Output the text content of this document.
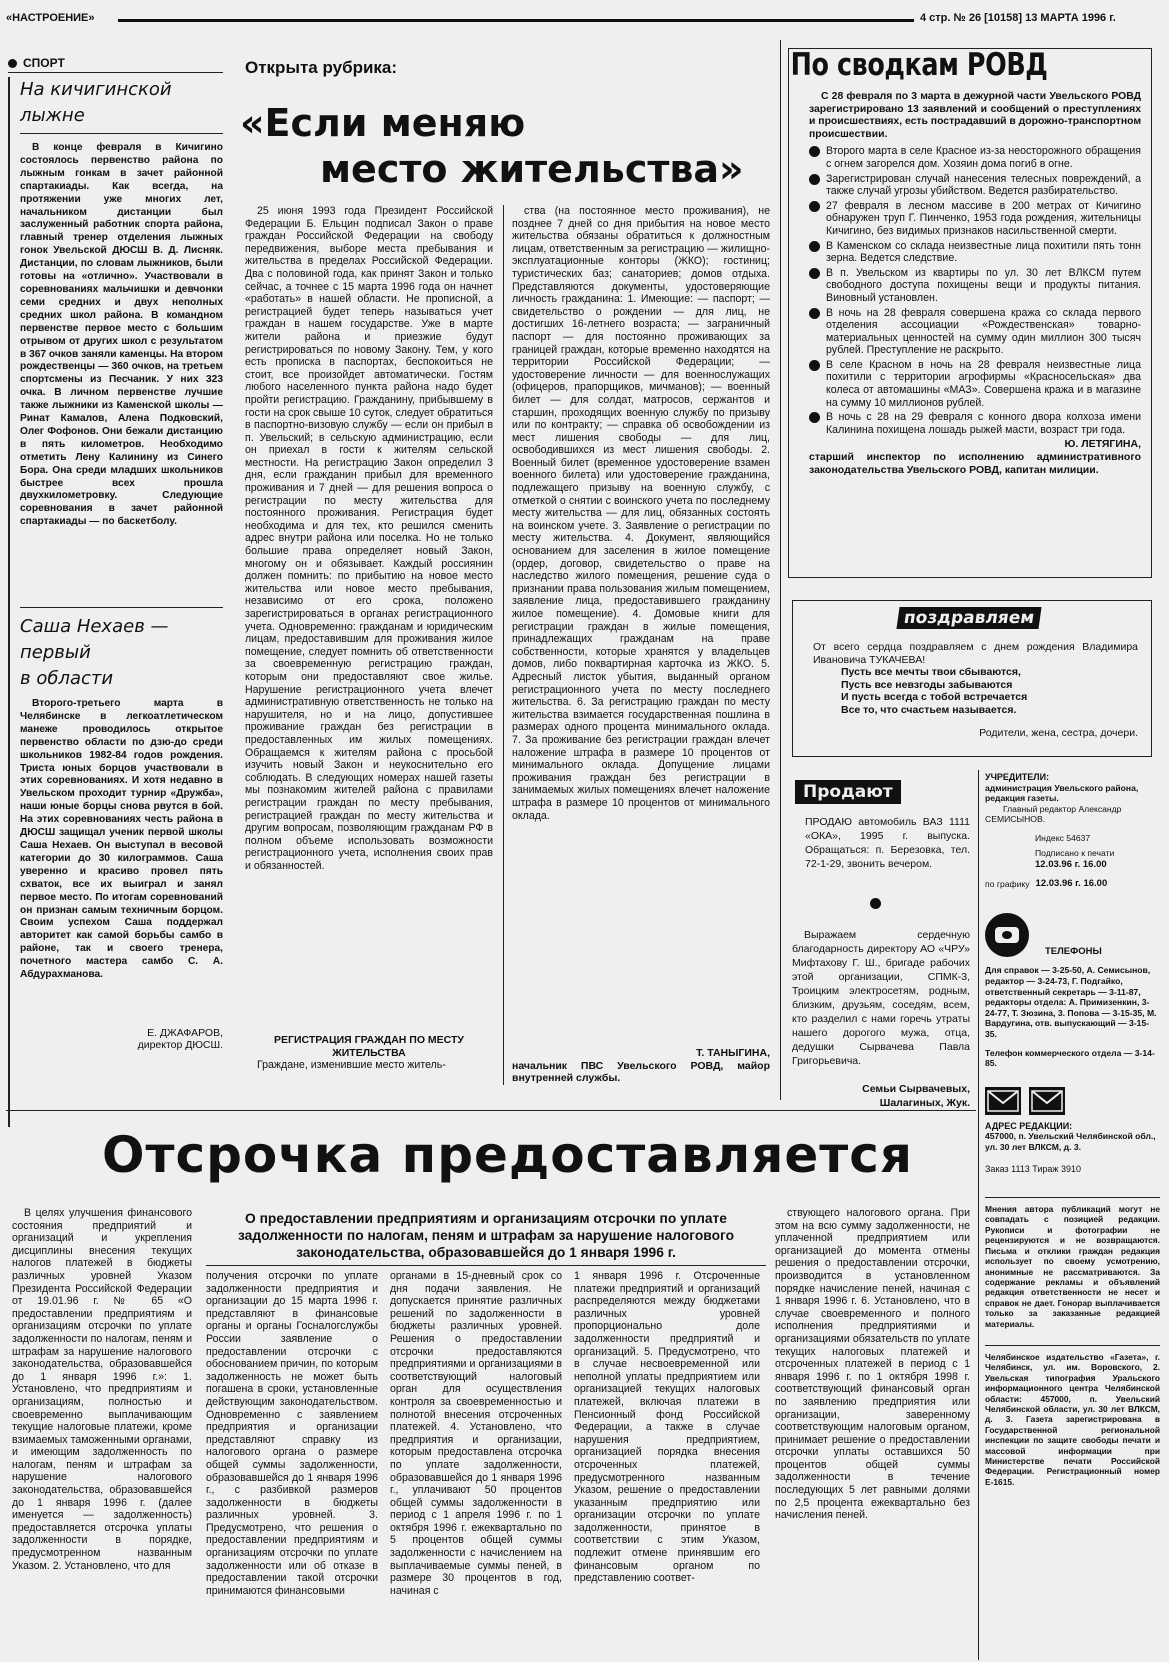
«НАСТРОЕНИЕ»	4 стр. № 26 [10158] 13 МАРТА 1996 г.
СПОРТ
На кичигинской
лыжне
В конце февраля в Кичигино состоялось первенство района по лыжным гонкам в зачет районной спартакиады. Как всегда, на протяжении уже многих лет, начальником дистанции был заслуженный работник спорта района, главный тренер отделения лыжных гонок Увельской ДЮСШ В. Д. Лисняк. Дистанции, по словам лыжников, были готовы на «отлично». Участвовали в соревнованиях мальчишки и девчонки семи средних и двух неполных средних школ района. В командном первенстве первое место с большим отрывом от других школ с результатом в 367 очков заняли каменцы. На втором рождественцы — 360 очков, на третьем спортсмены из Песчаник. У них 323 очка. В личном первенстве лучшие также лыжники из Каменской школы — Ринат Камалов, Алена Подковский, Олег Фофонов. Они бежали дистанцию в пять километров. Необходимо отметить Лену Калинину из Синего Бора. Она среди младших школьников быстрее всех прошла двухкилометровку. Следующие соревнования в зачет районной спартакиады — по баскетболу.
Саша Нехаев —
первый
в области
Второго-третьего марта в Челябинске в легкоатлетическом манеже проводилось открытое первенство области по дзю-до среди школьников 1982-84 годов рождения. Триста юных борцов участвовали в этих соревнованиях. И хотя недавно в Увельском проходит турнир «Дружба», наши юные борцы снова рвутся в бой. На этих соревнованиях честь района в ДЮСШ защищал ученик первой школы Саша Нехаев. Он выступал в весовой категории до 30 килограммов. Саша уверенно и красиво провел пять схваток, все их выиграл и занял первое место. По итогам соревнований он признан самым техничным борцом. Своим успехом Саша поддержал авторитет как самой борьбы самбо в районе, так и своего тренера, почетного мастера самбо С. А. Абдурахманова.
Е. ДЖАФАРОВ,
директор ДЮСШ.
Открыта рубрика:
«Если меняю
место жительства»
25 июня 1993 года Президент Российской Федерации Б. Ельцин подписал Закон о праве граждан Российской Федерации на свободу передвижения, выборе места пребывания и жительства в пределах Российской Федерации. Два с половиной года, как принят Закон и только сейчас, а точнее с 15 марта 1996 года он начнет «работать» в нашей области. Не прописной, а регистрацией будет теперь называться учет граждан в нашем государстве. Уже в марте жители района и приезжие будут регистрироваться по новому Закону. Тем, у кого есть прописка в паспортах, беспокоиться не стоит, все произойдет автоматически. Гостям любого населенного пункта района надо будет пройти регистрацию. Гражданину, прибывшему в гости на срок свыше 10 суток, следует обратиться в паспортно-визовую службу — если он прибыл в п. Увельский; в сельскую администрацию, если он приехал в гости к жителям сельской местности. На регистрацию Закон определил 3 дня, если гражданин прибыл для временного проживания и 7 дней — для решения вопроса о регистрации по месту жительства для постоянного проживания. Регистрация будет необходима и для тех, кто решился сменить адрес внутри района или поселка. Но не только большие права определяет новый Закон, многому он и обязывает. Каждый россиянин должен помнить: по прибытию на новое место жительства или новое место пребывания, независимо от его срока, положено зарегистрироваться в органах регистрационного учета. Одновременно: гражданам и юридическим лицам, предоставившим для проживания жилое помещение, следует помнить об ответственности за своевременную регистрацию граждан, которым они предоставляют свое жилье. Нарушение регистрационного учета влечет административную ответственность не только на нарушителя, но и на лицо, допустившее проживание граждан без регистрации в предоставленных им жилых помещениях. Обращаемся к жителям района с просьбой изучить новый Закон и неукоснительно его соблюдать. В следующих номерах нашей газеты мы познакомим жителей района с правилами регистрации граждан по месту пребывания, регистрацией граждан по месту жительства и другим вопросам, позволяющим гражданам РФ в полном объеме использовать возможности регистрационного учета, исполнения своих прав и обязанностей.
РЕГИСТРАЦИЯ ГРАЖДАН ПО МЕСТУ ЖИТЕЛЬСТВА
Граждане, изменившие место житель-
ства (на постоянное место проживания), не позднее 7 дней со дня прибытия на новое место жительства обязаны обратиться к должностным лицам, ответственным за регистрацию — жилищно-эксплуатационные конторы (ЖКО); гостиниц; туристических баз; санаториев; домов отдыха. Представляются документы, удостоверяющие личность гражданина: 1. Имеющие: — паспорт; — свидетельство о рождении — для лиц, не достигших 16-летнего возраста; — заграничный паспорт — для постоянно проживающих за границей граждан, которые временно находятся на территории Российской Федерации; — удостоверение личности — для военнослужащих (офицеров, прапорщиков, мичманов); — военный билет — для солдат, матросов, сержантов и старшин, проходящих военную службу по призыву или по контракту; — справка об освобождении из мест лишения свободы — для лиц, освободившихся из мест лишения свободы. 2. Военный билет (временное удостоверение взамен военного билета) или удостоверение гражданина, подлежащего призыву на военную службу, с отметкой о снятии с воинского учета по последнему месту жительства — для лиц, обязанных состоять на воинском учете. 3. Заявление о регистрации по месту жительства. 4. Документ, являющийся основанием для заселения в жилое помещение (ордер, договор, свидетельство о праве на наследство жилого помещения, решение суда о признании права пользования жилым помещением, заявление лица, предоставившего гражданину жилое помещение). 4. Домовые книги для регистрации граждан в жилые помещения, принадлежащих гражданам на праве собственности, которые хранятся у владельцев домов, либо поквартирная карточка из ЖКО. 5. Адресный листок убытия, выданный органом регистрационного учета по месту последнего жительства. 6. За регистрацию граждан по месту жительства взимается государственная пошлина в размерах одного процента минимального оклада. 7. За проживание без регистрации граждан влечет наложение штрафа в размере 10 процентов от минимального оклада. Допущение лицами проживания граждан без регистрации в занимаемых жилых помещениях влечет наложение штрафа в размере 10 процентов от минимального оклада.
Т. ТАНЫГИНА,
начальник ПВС Увельского РОВД, майор внутренней службы.
По сводкам РОВД

С 28 февраля по 3 марта в дежурной части Увельского РОВД зарегистрировано 13 заявлений и сообщений о преступлениях и происшествиях, есть пострадавший в дорожно-транспортном происшествии.

Второго марта в селе Красное из-за неосторожного обращения с огнем загорелся дом. Хозяин дома погиб в огне.
Зарегистрирован случай нанесения телесных повреждений, а также случай угрозы убийством. Ведется разбирательство.
27 февраля в лесном массиве в 200 метрах от Кичигино обнаружен труп Г. Пинченко, 1953 года рождения, жительницы Кичигино, без видимых признаков насильственной смерти.
В Каменском со склада неизвестные лица похитили пять тонн зерна. Ведется следствие.
В п. Увельском из квартиры по ул. 30 лет ВЛКСМ путем свободного доступа похищены вещи и продукты питания. Виновный установлен.
В ночь на 28 февраля совершена кража со склада первого отделения ассоциации «Рождественская» товарно-материальных ценностей на сумму один миллион 300 тысяч рублей. Преступление не раскрыто.
В селе Красном в ночь на 28 февраля неизвестные лица похитили с территории агрофирмы «Красносельская» два колеса от автомашины «МАЗ». Совершена кража и в магазине на сумму 10 миллионов рублей.
В ночь с 28 на 29 февраля с конного двора колхоза имени Калинина похищена лошадь рыжей масти, возраст три года.
Ю. ЛЕТЯГИНА,
старший инспектор по исполнению административного законодательства Увельского РОВД, капитан милиции.
поздравляем
От всего сердца поздравляем с днем рождения Владимира Ивановича ТУКАЧЕВА!
Пусть все мечты твои сбываются,
Пусть все невзгоды забываются
И пусть всегда с тобой встречается
Все то, что счастьем называется.
Родители, жена, сестра, дочери.
Продают
ПРОДАЮ автомобиль ВАЗ 1111 «ОКА», 1995 г. выпуска. Обращаться: п. Березовка, тел. 72-1-29, звонить вечером.
Выражаем сердечную благодарность директору АО «ЧРУ» Мифтахову Г. Ш., бригаде рабочих этой организации, СПМК-3, Троицким электросетям, родным, близким, друзьям, соседям, всем, кто разделил с нами горечь утраты нашего дорогого мужа, отца, дедушки Сырвачева Павла Григорьевича.
Семьи Сырвачевых,
Шалагиных, Жук.
УЧРЕДИТЕЛИ:
администрация Увельского района, редакция газеты.
Главный редактор Александр СЕМИСЫНОВ.
Индекс 54637
Подписано к печати
12.03.96 г. 16.00
по графику 12.03.96 г. 16.00
ТЕЛЕФОНЫ
Для справок — 3-25-50, А. Семисынов, редактор — 3-24-73, Г. Подгайко, ответственный секретарь — 3-11-87, редакторы отдела: А. Примизенкин, 3-24-77, Т. Зюзина, 3. Попова — 3-15-35, М. Вардугина, отв. выпускающий — 3-15-35.
Телефон коммерческого отдела — 3-14-85.
АДРЕС РЕДАКЦИИ:
457000, п. Увельский Челябинской обл., ул. 30 лет ВЛКСМ, д. 3.
Заказ 1113 Тираж 3910
Мнения автора публикаций могут не совпадать с позицией редакции. Рукописи и фотографии не рецензируются и не возвращаются. Письма и отклики граждан редакция использует по своему усмотрению, анонимные не рассматриваются. За содержание рекламы и объявлений редакция ответственности не несет и справок не дает. Гонорар выплачивается только за заказанные редакцией материалы.
Челябинское издательство «Газета», г. Челябинск, ул. им. Воровского, 2. Увельская типография Уральского информационного центра Челябинской области: 457000, п. Увельский Челябинской области, ул. 30 лет ВЛКСМ, д. 3. Газета зарегистрирована в Государственной региональной инспекции по защите свободы печати и массовой информации при Министерстве печати Российской Федерации. Регистрационный номер Е-1615.
Отсрочка предоставляется
В целях улучшения финансового состояния предприятий и организаций и укрепления дисциплины внесения текущих налогов платежей в бюджеты различных уровней Указом Президента Российской Федерации от 19.01.96 г. № 65 «О предоставлении предприятиям и организациям отсрочки по уплате задолженности по налогам, пеням и штрафам за нарушение налогового законодательства, образовавшейся до 1 января 1996 г.»: 1. Установлено, что предприятиям и организациям, полностью и своевременно выплачивающим текущие налоговые платежи, кроме взимаемых таможенными органами, и имеющим задолженность по налогам, пеням и штрафам за нарушение налогового законодательства, образовавшейся до 1 января 1996 г. (далее именуется — задолженность) предоставляется отсрочка уплаты задолженности в порядке, предусмотренном названным Указом. 2. Установлено, что для
О предоставлении предприятиям и организациям отсрочки по уплате задолженности по налогам, пеням и штрафам за нарушение налогового законодательства, образовавшейся до 1 января 1996 г.
получения отсрочки по уплате задолженности предприятия и организации до 15 марта 1996 г. представляют в финансовые органы и органы Госналогслужбы России заявление о предоставлении отсрочки с обоснованием причин, по которым задолженность не может быть погашена в сроки, установленные действующим законодательством. Одновременно с заявлением предприятия и организации представляют справку из налогового органа о размере общей суммы задолженности, образовавшейся до 1 января 1996 г., с разбивкой размеров задолженности в бюджеты различных уровней. 3. Предусмотрено, что решения о предоставлении предприятиям и организациям отсрочки по уплате задолженности или об отказе в предоставлении такой отсрочки принимаются финансовыми
органами в 15-дневный срок со дня подачи заявления. Не допускается принятие различных решений по задолженности в бюджеты различных уровней. Решения о предоставлении отсрочки предоставляются предприятиями и организациями в соответствующий налоговый орган для осуществления контроля за своевременностью и полнотой внесения отсроченных платежей. 4. Установлено, что предприятия и организации, которым предоставлена отсрочка по уплате задолженности, образовавшейся до 1 января 1996 г., уплачивают 50 процентов общей суммы задолженности в период с 1 апреля 1996 г. по 1 октября 1996 г. ежеквартально по 5 процентов общей суммы задолженности с начислением на выплачиваемые суммы пеней, в размере 30 процентов в год, начиная с
1 января 1996 г. Отсроченные платежи предприятий и организаций распределяются между бюджетами различных уровней пропорционально доле задолженности предприятий и организаций. 5. Предусмотрено, что в случае несвоевременной или неполной уплаты предприятием или организацией текущих налоговых платежей, включая платежи в Пенсионный фонд Российской Федерации, а также в случае нарушения предприятием, организацией порядка внесения отсроченных платежей, предусмотренного названным Указом, решение о предоставлении указанным предприятию или организации отсрочки по уплате задолженности, принятое в соответствии с этим Указом, подлежит отмене принявшим его финансовым органом по представлению соответ-
ствующего налогового органа. При этом на всю сумму задолженности, не уплаченной предприятием или организацией до момента отмены решения о предоставлении отсрочки, производится в установленном порядке начисление пеней, начиная с 1 января 1996 г. 6. Установлено, что в случае своевременного и полного исполнения предприятиями и организациями обязательств по уплате текущих налоговых платежей и отсроченных платежей в период с 1 января 1996 г. по 1 октября 1998 г. соответствующий финансовый орган по заявлению предприятия или организации, заверенному соответствующим налоговым органом, принимает решение о предоставлении отсрочки уплаты оставшихся 50 процентов общей суммы задолженности в течение последующих 5 лет равными долями по 2,5 процента ежеквартально без начисления пеней.
